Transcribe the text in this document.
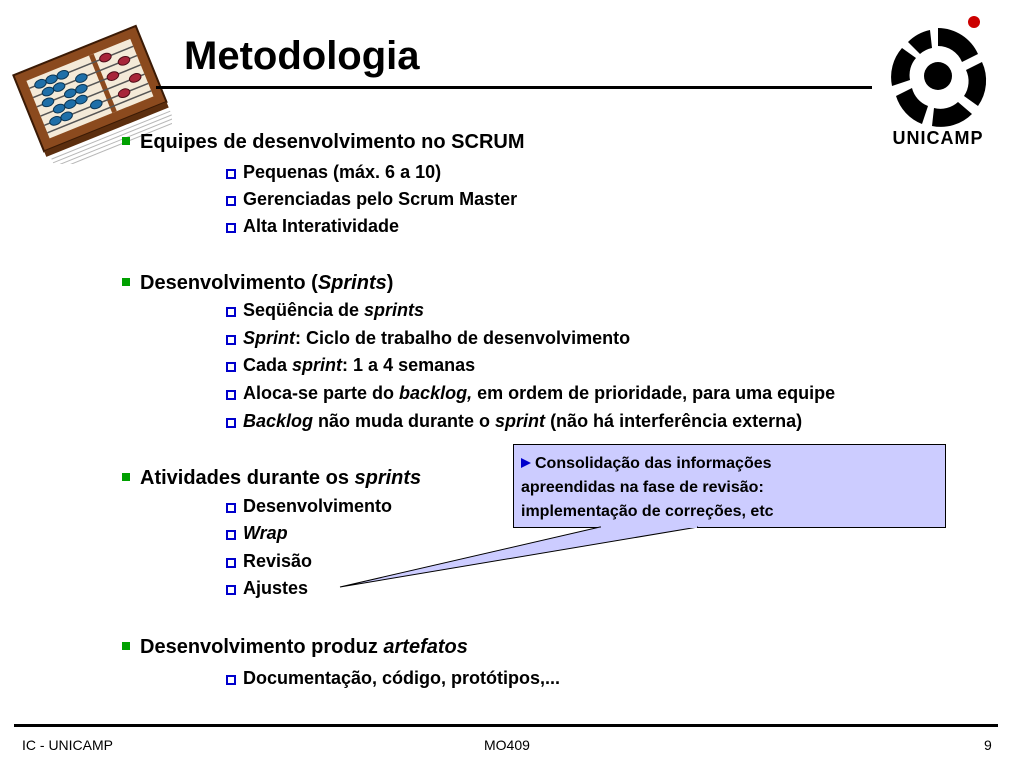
Metodologia
UNICAMP
Equipes de desenvolvimento no SCRUM
Pequenas (máx. 6 a 10)
Gerenciadas pelo Scrum Master
Alta Interatividade
Desenvolvimento (Sprints)
Seqüência de sprints
Sprint: Ciclo de trabalho de desenvolvimento
Cada sprint: 1 a 4 semanas
Aloca-se parte do backlog, em ordem de prioridade, para uma equipe
Backlog não muda durante o sprint (não há interferência externa)
Atividades durante os sprints
Desenvolvimento
Wrap
Revisão
Ajustes
Desenvolvimento produz artefatos
Documentação, código, protótipos,...
Consolidação das informações
apreendidas na fase de revisão:
implementação de correções, etc
IC - UNICAMP	MO409	9
